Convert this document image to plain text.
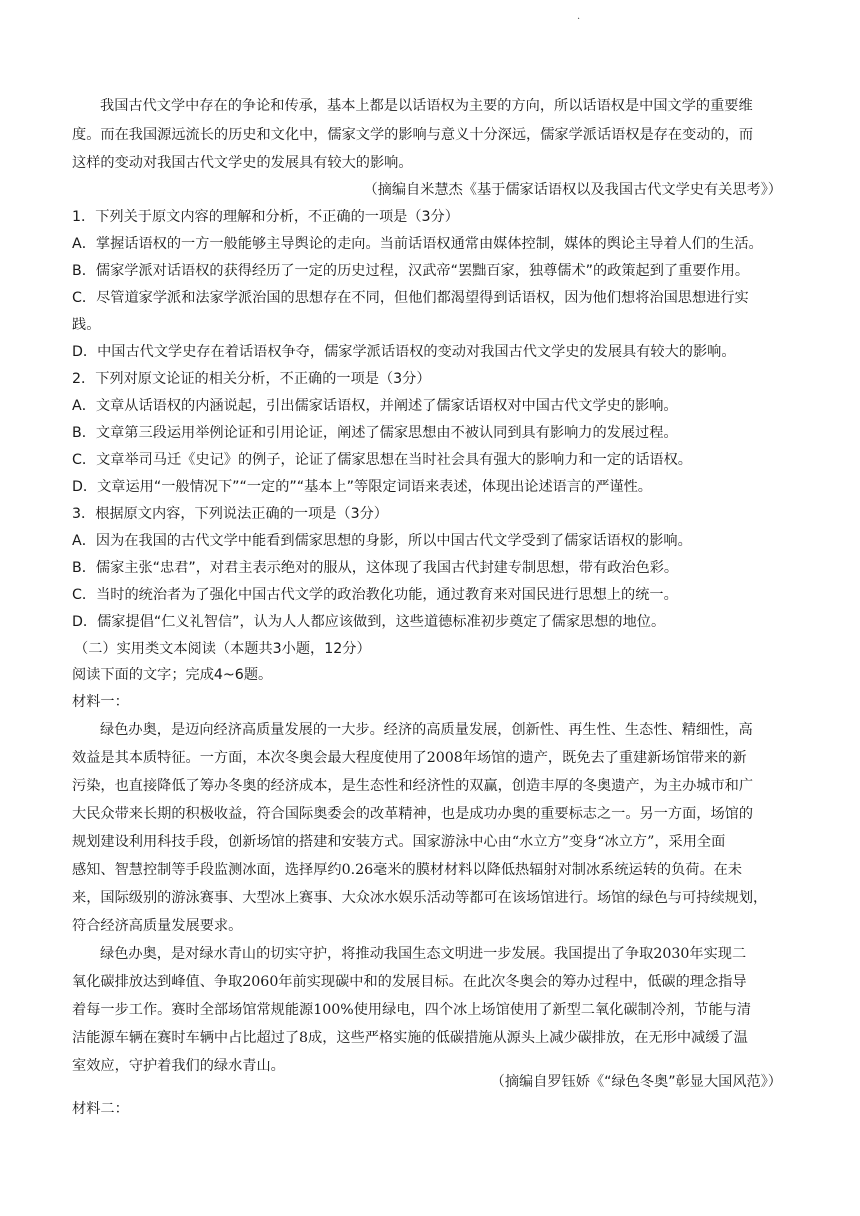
·
我国古代文学中存在的争论和传承，基本上都是以话语权为主要的方向，所以话语权是中国文学的重要维
度。而在我国源远流长的历史和文化中，儒家文学的影响与意义十分深远，儒家学派话语权是存在变动的，而
这样的变动对我国古代文学史的发展具有较大的影响。
（摘编自米慧杰《基于儒家话语权以及我国古代文学史有关思考》）
1．下列关于原文内容的理解和分析，不正确的一项是（3分）
A．掌握话语权的一方一般能够主导舆论的走向。当前话语权通常由媒体控制，媒体的舆论主导着人们的生活。
B．儒家学派对话语权的获得经历了一定的历史过程，汉武帝“罢黜百家，独尊儒术”的政策起到了重要作用。
C．尽管道家学派和法家学派治国的思想存在不同，但他们都渴望得到话语权，因为他们想将治国思想进行实
践。
D．中国古代文学史存在着话语权争夺，儒家学派话语权的变动对我国古代文学史的发展具有较大的影响。
2．下列对原文论证的相关分析，不正确的一项是（3分）
A．文章从话语权的内涵说起，引出儒家话语权，并阐述了儒家话语权对中国古代文学史的影响。
B．文章第三段运用举例论证和引用论证，阐述了儒家思想由不被认同到具有影响力的发展过程。
C．文章举司马迁《史记》的例子，论证了儒家思想在当时社会具有强大的影响力和一定的话语权。
D．文章运用“一般情况下”“一定的”“基本上”等限定词语来表述，体现出论述语言的严谨性。
3．根据原文内容，下列说法正确的一项是（3分）
A．因为在我国的古代文学中能看到儒家思想的身影，所以中国古代文学受到了儒家话语权的影响。
B．儒家主张“忠君”，对君主表示绝对的服从，这体现了我国古代封建专制思想，带有政治色彩。
C．当时的统治者为了强化中国古代文学的政治教化功能，通过教育来对国民进行思想上的统一。
D．儒家提倡“仁义礼智信”，认为人人都应该做到，这些道德标准初步奠定了儒家思想的地位。
（二）实用类文本阅读（本题共3小题，12分）
阅读下面的文字；完成4~6题。
材料一：
绿色办奥，是迈向经济高质量发展的一大步。经济的高质量发展，创新性、再生性、生态性、精细性，高
效益是其本质特征。一方面，本次冬奥会最大程度使用了2008年场馆的遗产，既免去了重建新场馆带来的新
污染，也直接降低了筹办冬奥的经济成本，是生态性和经济性的双赢，创造丰厚的冬奥遗产，为主办城市和广
大民众带来长期的积极收益，符合国际奥委会的改革精神，也是成功办奥的重要标志之一。另一方面，场馆的
规划建设利用科技手段，创新场馆的搭建和安装方式。国家游泳中心由“水立方”变身“冰立方”，采用全面
感知、智慧控制等手段监测冰面，选择厚约0.26毫米的膜材材料以降低热辐射对制冰系统运转的负荷。在未
来，国际级别的游泳赛事、大型冰上赛事、大众冰水娱乐活动等都可在该场馆进行。场馆的绿色与可持续规划，
符合经济高质量发展要求。
绿色办奥，是对绿水青山的切实守护，将推动我国生态文明进一步发展。我国提出了争取2030年实现二
氧化碳排放达到峰值、争取2060年前实现碳中和的发展目标。在此次冬奥会的筹办过程中，低碳的理念指导
着每一步工作。赛时全部场馆常规能源100%使用绿电，四个冰上场馆使用了新型二氧化碳制冷剂，节能与清
洁能源车辆在赛时车辆中占比超过了8成，这些严格实施的低碳措施从源头上减少碳排放，在无形中减缓了温
室效应，守护着我们的绿水青山。
（摘编自罗钰娇《“绿色冬奥”彰显大国风范》）
材料二：
